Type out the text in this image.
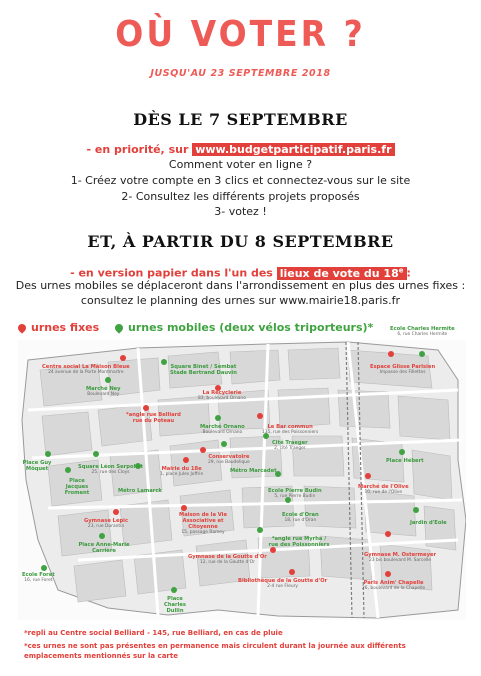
OÙ VOTER ?
JUSQU'AU 23 SEPTEMBRE 2018
DÈS LE 7 SEPTEMBRE
- en priorité, sur www.budgetparticipatif.paris.fr
Comment voter en ligne ?
1- Créez votre compte en 3 clics et connectez-vous sur le site
2- Consultez les différents projets proposés
3- votez !
ET, À PARTIR DU 8 SEPTEMBRE
- en version papier dans l'un des lieux de vote du 18e :
Des urnes mobiles se déplaceront dans l'arrondissement en plus des urnes fixes :
consultez le planning des urnes sur www.mairie18.paris.fr
urnes fixes	urnes mobiles (deux vélos triporteurs)*	Ecole Charles Hermite
6, rue Charles Hermite
Centre social La Maison Bleue
24 avenue de la Porte Montmartre
Square Binet / Sembat
Stade Bertrand Dauvin
Espace Glisse Parisien
Impasse des Fillettes
Marché Ney
Boulevard Ney	La Recyclerie
83, boulevard Ornano
*angle rue Belliard
rue du Poteau
Marché Ornano
Boulevard Ornano
Le Bar commun
135, rue des Poissonniers
Cité Traeger
2, cité Traeger
Conservatoire
29, rue Baudelique
Mairie du 18e
1, place Jules Joffrin
Square Léon Serpollet
25, rue des Cloys	Métro Marcadet
Place Guy Môquet
Place Hébert
Place Jacques Froment	Métro Lamarck	Ecole Pierre Budin
5, rue Pierre Budin
Marché de l'Olive
10, rue de l'Olive
Maison de la Vie Associative et Citoyenne
15, passage Ramey
Gymnase Lepic
23, rue Durantin
Ecole d'Oran
18, rue d'Oran	Jardin d'Eole
Place Anne-Marie Carrière
*angle rue Myrha / rue des Poissonniers
Gymnase de la Goutte d'Or
12, rue de la Goutte d'Or
Gymnase M. Ostermeyer
23 bis boulevard M. Sarcelle
Ecole Foret
16, rue Foret	Bibliothèque de la Goutte d'Or
2-4 rue Fleury
Paris Anim' Chapelle
26, boulevard de la Chapelle
Place Charles Dullin
*repli au Centre social Belliard - 145, rue Belliard, en cas de pluie
*ces urnes ne sont pas présentes en permanence mais circulent durant la journée aux différents emplacements mentionnés sur la carte
